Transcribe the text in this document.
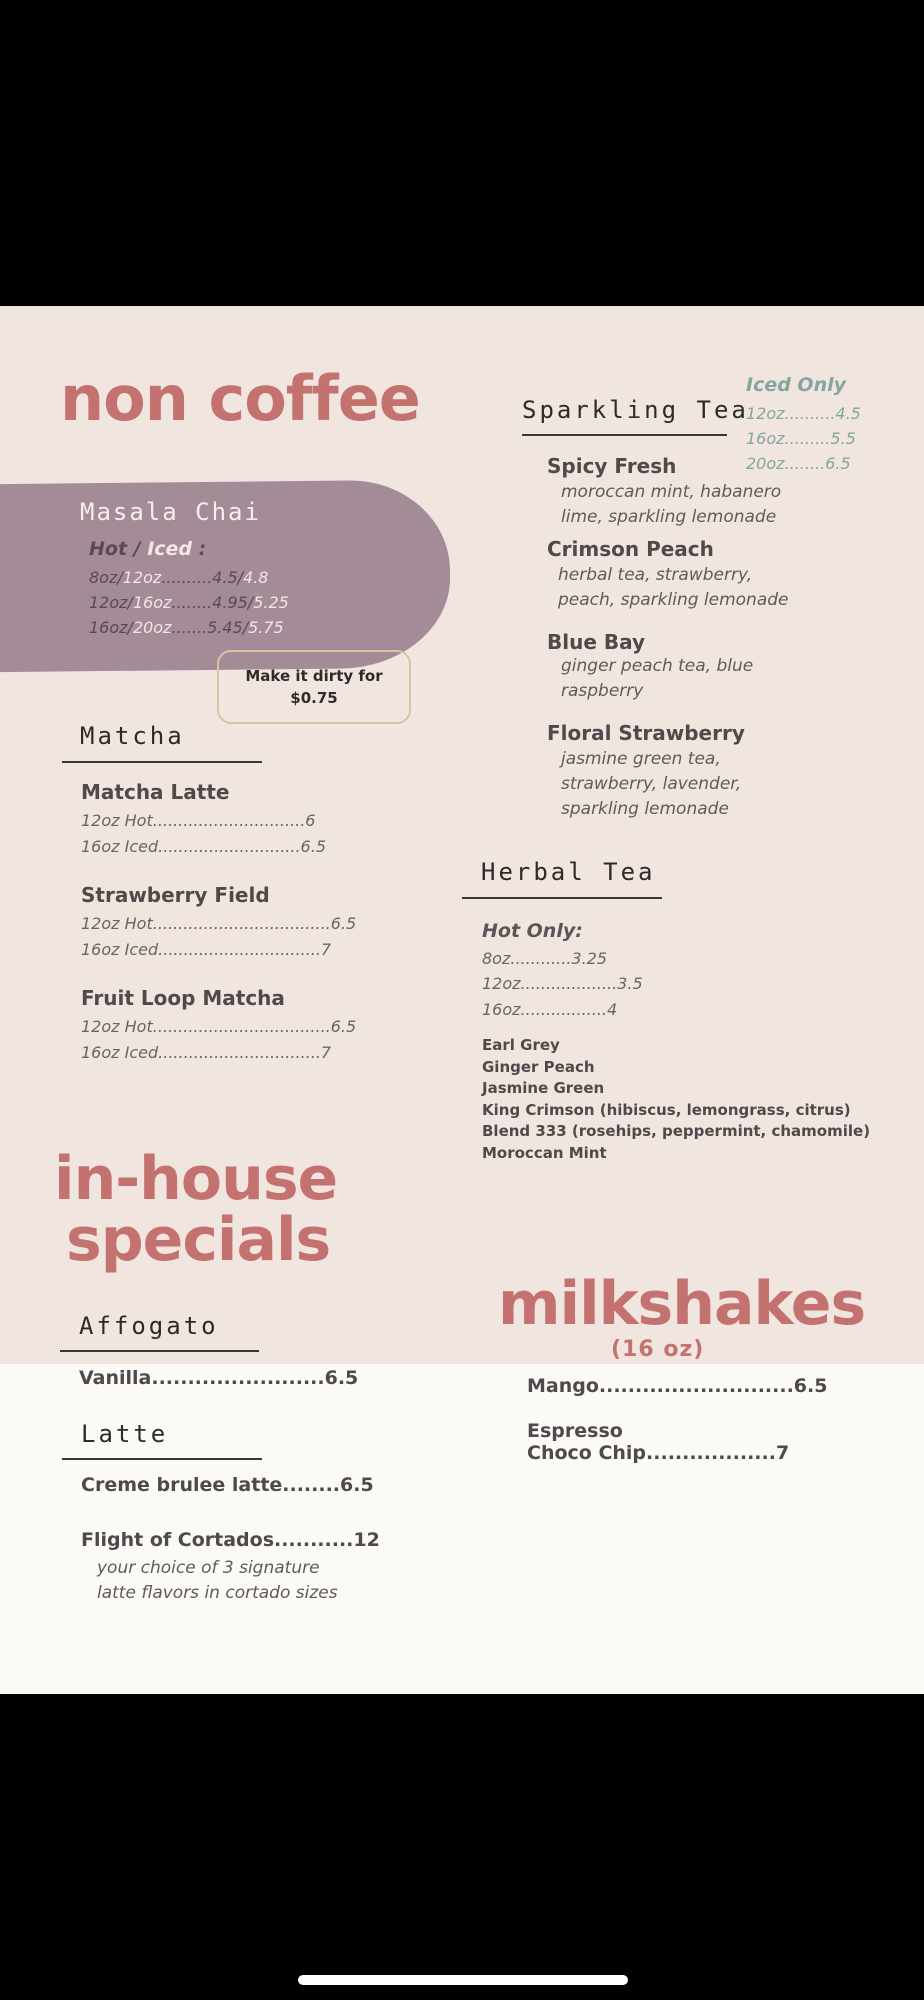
non coffee
Masala Chai
Hot / Iced :
8oz/12oz..........4.5/4.8
12oz/16oz........4.95/5.25
16oz/20oz.......5.45/5.75
Make it dirty for
$0.75
Matcha
Matcha Latte
12oz Hot..............................6
16oz Iced............................6.5
Strawberry Field
12oz Hot...................................6.5
16oz Iced................................7
Fruit Loop Matcha
12oz Hot...................................6.5
16oz Iced................................7
Iced Only
12oz..........4.5
16oz.........5.5
20oz........6.5
Sparkling Tea
Spicy Fresh
moroccan mint, habanero
lime, sparkling lemonade
Crimson Peach
herbal tea, strawberry,
peach, sparkling lemonade
Blue Bay
ginger peach tea, blue
raspberry
Floral Strawberry
jasmine green tea,
strawberry, lavender,
sparkling lemonade
Herbal Tea
Hot Only:
8oz............3.25
12oz...................3.5
16oz.................4
Earl Grey
Ginger Peach
Jasmine Green
King Crimson (hibiscus, lemongrass, citrus)
Blend 333 (rosehips, peppermint, chamomile)
Moroccan Mint
in-house
specials
Affogato
Vanilla........................6.5
Latte
Creme brulee latte........6.5
Flight of Cortados...........12
your choice of 3 signature
latte flavors in cortado sizes
milkshakes
(16 oz)
Mango...........................6.5
Espresso
Choco Chip..................7
